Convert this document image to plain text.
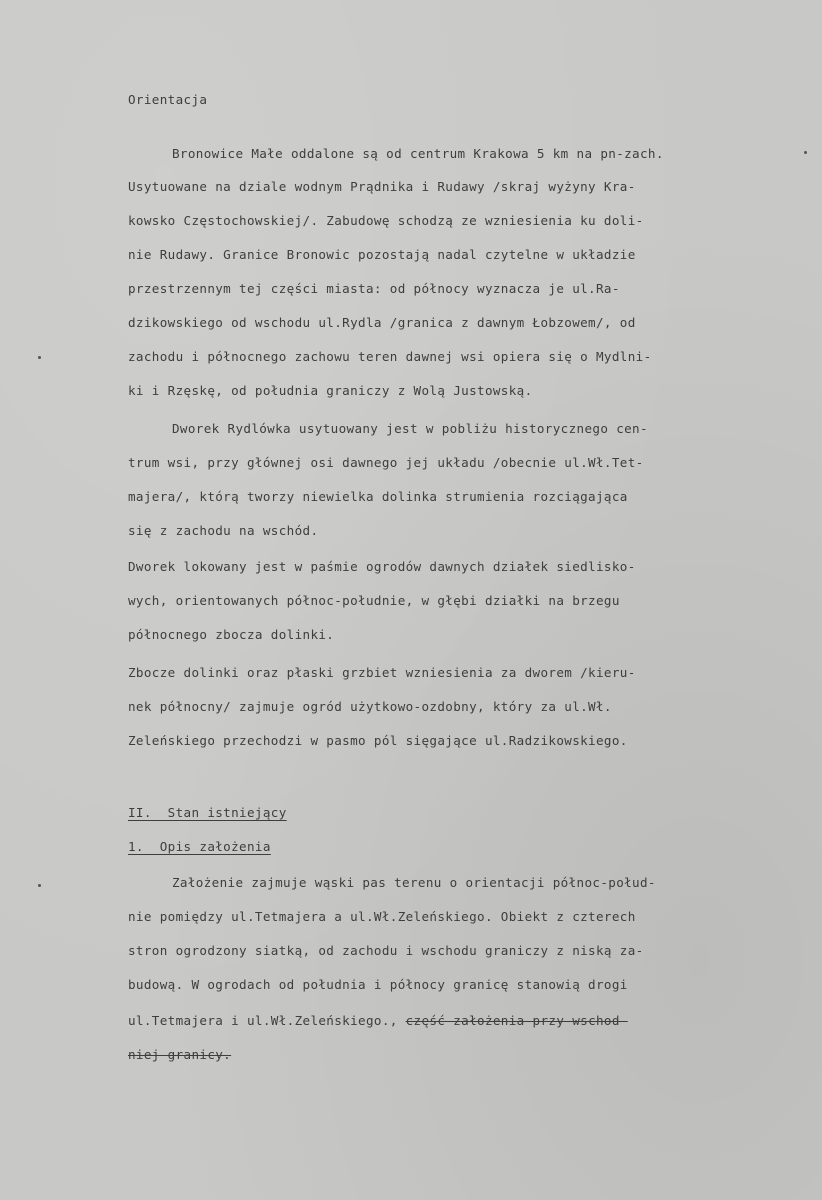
Orientacja

Bronowice Małe oddalone są od centrum Krakowa 5 km na pn-zach.

Usytuowane na dziale wodnym Prądnika i Rudawy /skraj wyżyny Kra-

kowsko Częstochowskiej/. Zabudowę schodzą ze wzniesienia ku doli-

nie Rudawy. Granice Bronowic pozostają nadal czytelne w układzie

przestrzennym tej części miasta: od północy wyznacza je ul.Ra-

dzikowskiego od wschodu ul.Rydla /granica z dawnym Łobzowem/, od

zachodu i północnego zachowu teren dawnej wsi opiera się o Mydlni-

ki i Rzęskę, od południa graniczy z Wolą Justowską.

Dworek Rydlówka usytuowany jest w pobliżu historycznego cen-

trum wsi, przy głównej osi dawnego jej układu /obecnie ul.Wł.Tet-

majera/, którą tworzy niewielka dolinka strumienia rozciągająca

się z zachodu na wschód.

Dworek lokowany jest w paśmie ogrodów dawnych działek siedlisko-

wych, orientowanych północ-południe, w głębi działki na brzegu

północnego zbocza dolinki.

Zbocze dolinki oraz płaski grzbiet wzniesienia za dworem /kieru-

nek północny/ zajmuje ogród użytkowo-ozdobny, który za ul.Wł.

Zeleńskiego przechodzi w pasmo pól sięgające ul.Radzikowskiego.

II.  Stan istniejący

1.  Opis założenia

Założenie zajmuje wąski pas terenu o orientacji północ-połud-

nie pomiędzy ul.Tetmajera a ul.Wł.Zeleńskiego. Obiekt z czterech

stron ogrodzony siatką, od zachodu i wschodu graniczy z niską za-

budową. W ogrodach od południa i północy granicę stanowią drogi

ul.Tetmajera i ul.Wł.Zeleńskiego., część założenia przy wschod-

niej granicy.
